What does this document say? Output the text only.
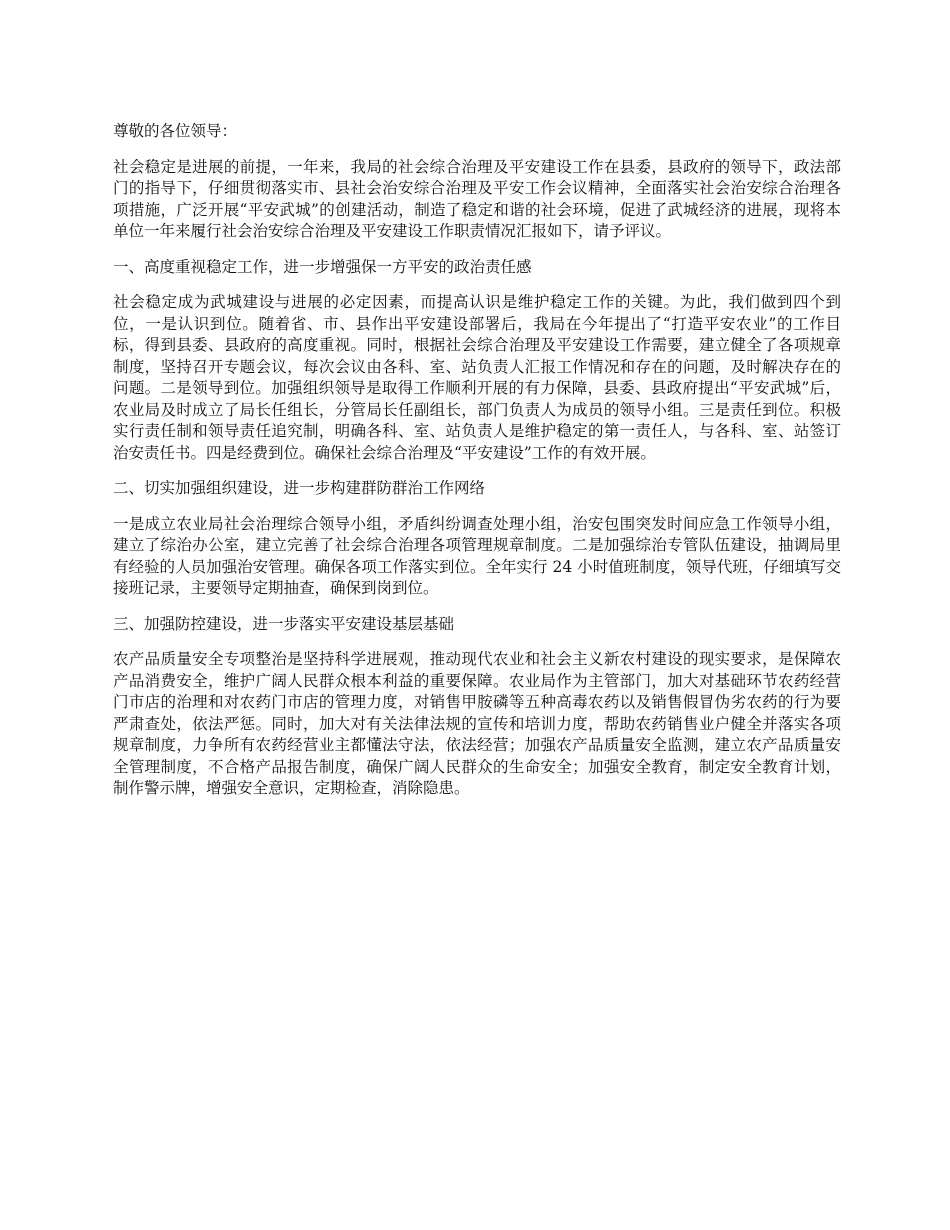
尊敬的各位领导：

社会稳定是进展的前提，一年来，我局的社会综合治理及平安建设工作在县委，县政府的领导下，政法部门的指导下，仔细贯彻落实市、县社会治安综合治理及平安工作会议精神，全面落实社会治安综合治理各项措施，广泛开展“平安武城”的创建活动，制造了稳定和谐的社会环境，促进了武城经济的进展，现将本单位一年来履行社会治安综合治理及平安建设工作职责情况汇报如下，请予评议。

一、高度重视稳定工作，进一步增强保一方平安的政治责任感

社会稳定成为武城建设与进展的必定因素，而提高认识是维护稳定工作的关键。为此，我们做到四个到位，一是认识到位。随着省、市、县作出平安建设部署后，我局在今年提出了“打造平安农业”的工作目标，得到县委、县政府的高度重视。同时，根据社会综合治理及平安建设工作需要，建立健全了各项规章制度，坚持召开专题会议，每次会议由各科、室、站负责人汇报工作情况和存在的问题，及时解决存在的问题。二是领导到位。加强组织领导是取得工作顺利开展的有力保障，县委、县政府提出“平安武城”后，农业局及时成立了局长任组长，分管局长任副组长，部门负责人为成员的领导小组。三是责任到位。积极实行责任制和领导责任追究制，明确各科、室、站负责人是维护稳定的第一责任人，与各科、室、站签订治安责任书。四是经费到位。确保社会综合治理及“平安建设”工作的有效开展。

二、切实加强组织建设，进一步构建群防群治工作网络

一是成立农业局社会治理综合领导小组，矛盾纠纷调查处理小组，治安包围突发时间应急工作领导小组，建立了综治办公室，建立完善了社会综合治理各项管理规章制度。二是加强综治专管队伍建设，抽调局里有经验的人员加强治安管理。确保各项工作落实到位。全年实行 24 小时值班制度，领导代班，仔细填写交接班记录，主要领导定期抽查，确保到岗到位。

三、加强防控建设，进一步落实平安建设基层基础

农产品质量安全专项整治是坚持科学进展观，推动现代农业和社会主义新农村建设的现实要求，是保障农产品消费安全，维护广阔人民群众根本利益的重要保障。农业局作为主管部门，加大对基础环节农药经营门市店的治理和对农药门市店的管理力度，对销售甲胺磷等五种高毒农药以及销售假冒伪劣农药的行为要严肃查处，依法严惩。同时，加大对有关法律法规的宣传和培训力度，帮助农药销售业户健全并落实各项规章制度，力争所有农药经营业主都懂法守法，依法经营；加强农产品质量安全监测，建立农产品质量安全管理制度，不合格产品报告制度，确保广阔人民群众的生命安全；加强安全教育，制定安全教育计划，制作警示牌，增强安全意识，定期检查，消除隐患。
